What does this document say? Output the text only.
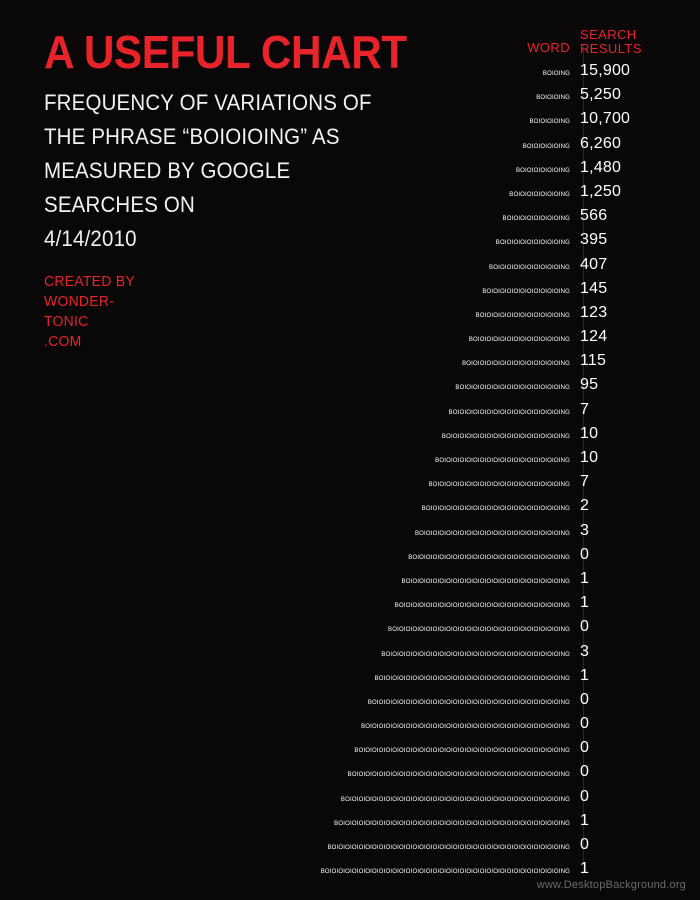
A USEFUL CHART
FREQUENCY OF VARIATIONS OF
THE PHRASE “BOIOIOING” AS
MEASURED BY GOOGLE
SEARCHES ON
4/14/2010
CREATED BY
WONDER-
TONIC
.COM
WORD
SEARCH
RESULTS
BOIOING 15,900
BOIOIOING 5,250
BOIOIOIOING 10,700
BOIOIOIOIOING 6,260
BOIOIOIOIOIOING 1,480
BOIOIOIOIOIOIOING 1,250
BOIOIOIOIOIOIOIOING 566
BOIOIOIOIOIOIOIOIOING 395
BOIOIOIOIOIOIOIOIOIOING 407
BOIOIOIOIOIOIOIOIOIOIOING 145
BOIOIOIOIOIOIOIOIOIOIOIOING 123
BOIOIOIOIOIOIOIOIOIOIOIOIOING 124
BOIOIOIOIOIOIOIOIOIOIOIOIOIOING 115
BOIOIOIOIOIOIOIOIOIOIOIOIOIOIOING 95
BOIOIOIOIOIOIOIOIOIOIOIOIOIOIOIOING 7
BOIOIOIOIOIOIOIOIOIOIOIOIOIOIOIOIOING 10
BOIOIOIOIOIOIOIOIOIOIOIOIOIOIOIOIOIOING 10
BOIOIOIOIOIOIOIOIOIOIOIOIOIOIOIOIOIOIOING 7
BOIOIOIOIOIOIOIOIOIOIOIOIOIOIOIOIOIOIOIOING 2
BOIOIOIOIOIOIOIOIOIOIOIOIOIOIOIOIOIOIOIOIOING 3
BOIOIOIOIOIOIOIOIOIOIOIOIOIOIOIOIOIOIOIOIOIOING 0
BOIOIOIOIOIOIOIOIOIOIOIOIOIOIOIOIOIOIOIOIOIOIOING 1
BOIOIOIOIOIOIOIOIOIOIOIOIOIOIOIOIOIOIOIOIOIOIOIOING 1
BOIOIOIOIOIOIOIOIOIOIOIOIOIOIOIOIOIOIOIOIOIOIOIOIOING 0
BOIOIOIOIOIOIOIOIOIOIOIOIOIOIOIOIOIOIOIOIOIOIOIOIOIOING 3
BOIOIOIOIOIOIOIOIOIOIOIOIOIOIOIOIOIOIOIOIOIOIOIOIOIOIOING 1
BOIOIOIOIOIOIOIOIOIOIOIOIOIOIOIOIOIOIOIOIOIOIOIOIOIOIOIOING 0
BOIOIOIOIOIOIOIOIOIOIOIOIOIOIOIOIOIOIOIOIOIOIOIOIOIOIOIOIOING 0
BOIOIOIOIOIOIOIOIOIOIOIOIOIOIOIOIOIOIOIOIOIOIOIOIOIOIOIOIOIOING 0
BOIOIOIOIOIOIOIOIOIOIOIOIOIOIOIOIOIOIOIOIOIOIOIOIOIOIOIOIOIOIOING 0
BOIOIOIOIOIOIOIOIOIOIOIOIOIOIOIOIOIOIOIOIOIOIOIOIOIOIOIOIOIOIOIOING 0
BOIOIOIOIOIOIOIOIOIOIOIOIOIOIOIOIOIOIOIOIOIOIOIOIOIOIOIOIOIOIOIOIOING 1
BOIOIOIOIOIOIOIOIOIOIOIOIOIOIOIOIOIOIOIOIOIOIOIOIOIOIOIOIOIOIOIOIOIOING 0
BOIOIOIOIOIOIOIOIOIOIOIOIOIOIOIOIOIOIOIOIOIOIOIOIOIOIOIOIOIOIOIOIOIOIOING 1
www.DesktopBackground.org
